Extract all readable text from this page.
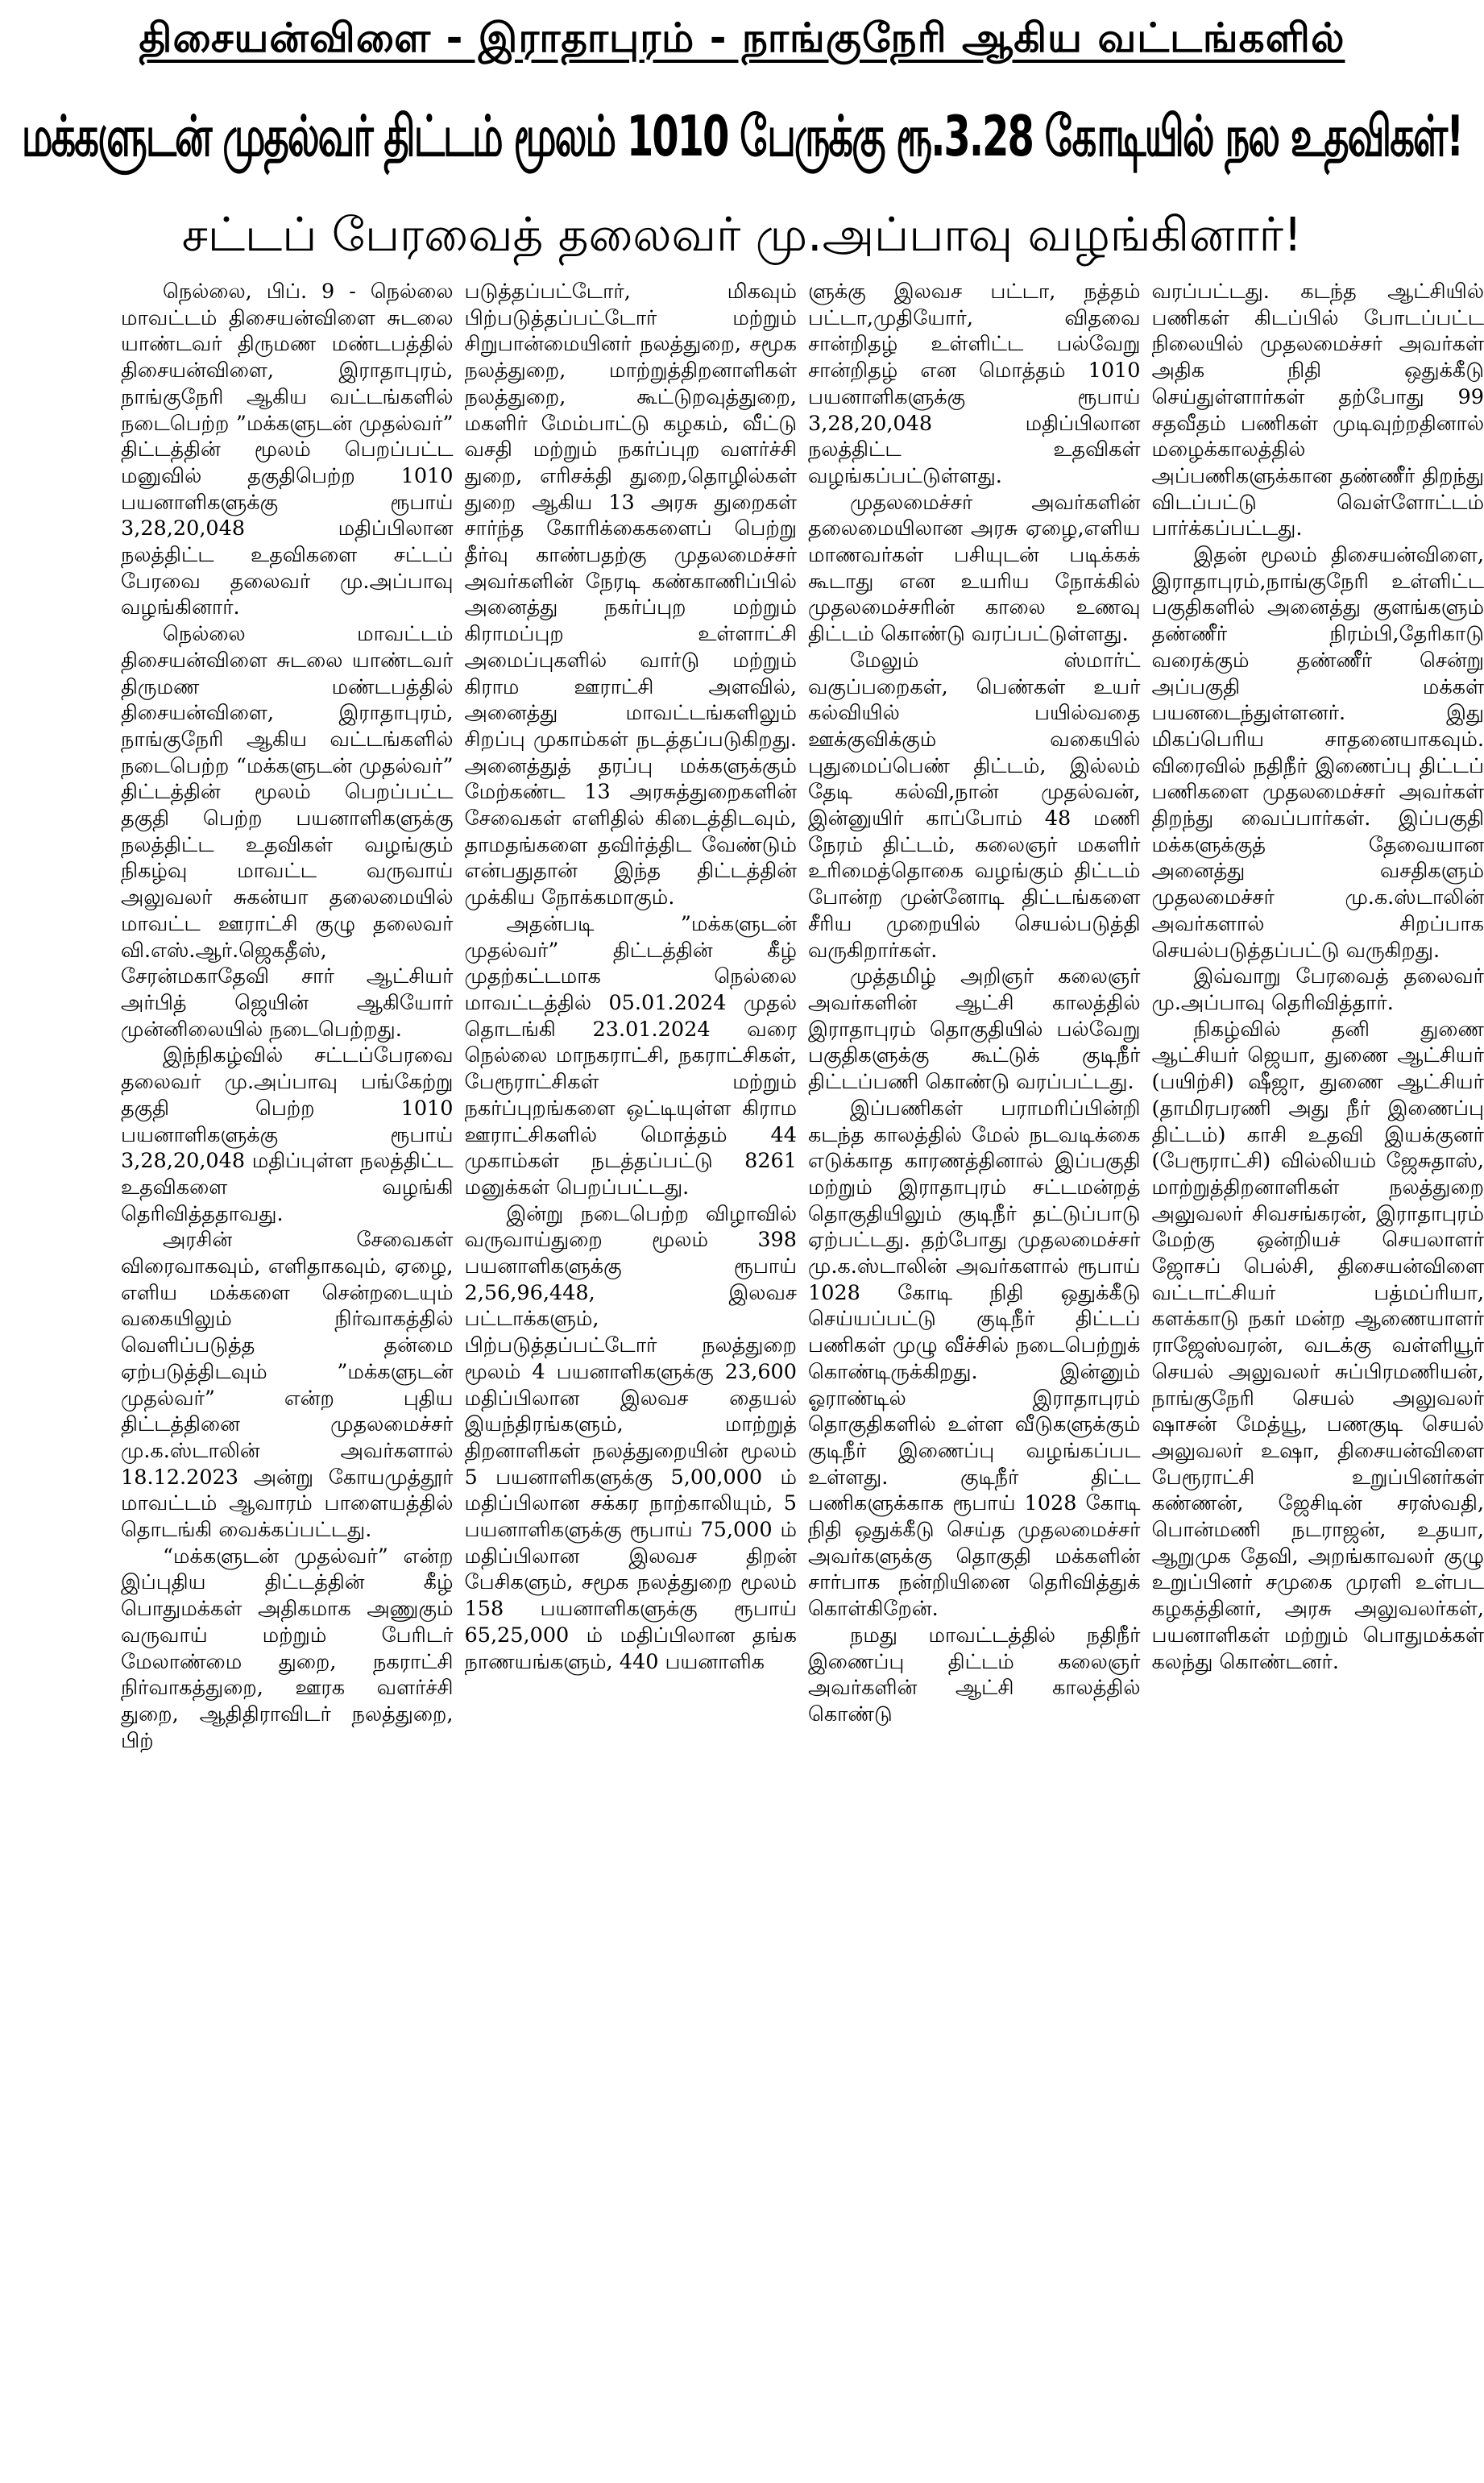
திசையன்விளை - இராதாபுரம் - நாங்குநேரி ஆகிய வட்டங்களில்
மக்களுடன் முதல்வர் திட்டம் மூலம் 1010 பேருக்கு ரூ.3.28 கோடியில் நல உதவிகள்!
சட்டப் பேரவைத் தலைவர் மு.அப்பாவு வழங்கினார்!

நெல்லை, பிப். 9 - நெல்லை மாவட்டம் திசையன்விளை சுடலை யாண்டவர் திருமண மண்டபத்தில் திசையன்விளை, இராதாபுரம், நாங்குநேரி ஆகிய வட்டங்களில் நடைபெற்ற ”மக்களுடன் முதல்வர்” திட்டத்தின் மூலம் பெறப்பட்ட மனுவில் தகுதிபெற்ற 1010 பயனாளிகளுக்கு ரூபாய் 3,28,20,048 மதிப்பிலான நலத்திட்ட உதவிகளை சட்டப் பேரவை தலைவர் மு.அப்பாவு வழங்கினார்.

நெல்லை மாவட்டம் திசையன்விளை சுடலை யாண்டவர் திருமண மண்டபத்தில் திசையன்விளை, இராதாபுரம், நாங்குநேரி ஆகிய வட்டங்களில் நடைபெற்ற “மக்களுடன் முதல்வர்” திட்டத்தின் மூலம் பெறப்பட்ட தகுதி பெற்ற பயனாளிகளுக்கு நலத்திட்ட உதவிகள் வழங்கும் நிகழ்வு மாவட்ட வருவாய் அலுவலர் சுகன்யா தலைமையில் மாவட்ட ஊராட்சி குழு தலைவர் வி.எஸ்.ஆர்.ஜெகதீஸ், சேரன்மகாதேவி சார் ஆட்சியர் அர்பித் ஜெயின் ஆகியோர் முன்னிலையில் நடைபெற்றது.

இந்நிகழ்வில் சட்டப்பேரவை தலைவர் மு.அப்பாவு பங்கேற்று தகுதி பெற்ற 1010 பயனாளிகளுக்கு ரூபாய் 3,28,20,048 மதிப்புள்ள நலத்திட்ட உதவிகளை வழங்கி தெரிவித்ததாவது.

அரசின் சேவைகள் விரைவாகவும், எளிதாகவும், ஏழை, எளிய மக்களை சென்றடையும் வகையிலும் நிர்வாகத்தில் வெளிப்படுத்த தன்மை ஏற்படுத்திடவும் ”மக்களுடன் முதல்வர்” என்ற புதிய திட்டத்தினை முதலமைச்சர் மு.க.ஸ்டாலின் அவர்களால் 18.12.2023 அன்று கோயமுத்தூர் மாவட்டம் ஆவாரம் பாளையத்தில் தொடங்கி வைக்கப்பட்டது.

“மக்களுடன் முதல்வர்” என்ற இப்புதிய திட்டத்தின் கீழ் பொதுமக்கள் அதிகமாக அணுகும் வருவாய் மற்றும் பேரிடர் மேலாண்மை துறை, நகராட்சி நிர்வாகத்துறை, ஊரக வளர்ச்சி துறை, ஆதிதிராவிடர் நலத்துறை, பிற்

படுத்தப்பட்டோர், மிகவும் பிற்படுத்தப்பட்டோர் மற்றும் சிறுபான்மையினர் நலத்துறை, சமூக நலத்துறை, மாற்றுத்திறனாளிகள் நலத்துறை, கூட்டுறவுத்துறை, மகளிர் மேம்பாட்டு கழகம், வீட்டு வசதி மற்றும் நகர்ப்புற வளர்ச்சி துறை, எரிசக்தி துறை,தொழில்கள் துறை ஆகிய 13 அரசு துறைகள் சார்ந்த கோரிக்கைகளைப் பெற்று தீர்வு காண்பதற்கு முதலமைச்சர் அவர்களின் நேரடி கண்காணிப்பில் அனைத்து நகர்ப்புற மற்றும் கிராமப்புற உள்ளாட்சி அமைப்புகளில் வார்டு மற்றும் கிராம ஊராட்சி அளவில், அனைத்து மாவட்டங்களிலும் சிறப்பு முகாம்கள் நடத்தப்படுகிறது. அனைத்துத் தரப்பு மக்களுக்கும் மேற்கண்ட 13 அரசுத்துறைகளின் சேவைகள் எளிதில் கிடைத்திடவும், தாமதங்களை தவிர்த்திட வேண்டும் என்பதுதான் இந்த திட்டத்தின் முக்கிய நோக்கமாகும்.

அதன்படி ”மக்களுடன் முதல்வர்” திட்டத்தின் கீழ் முதற்கட்டமாக நெல்லை மாவட்டத்தில் 05.01.2024 முதல் தொடங்கி 23.01.2024 வரை நெல்லை மாநகராட்சி, நகராட்சிகள், பேரூராட்சிகள் மற்றும் நகர்ப்புறங்களை ஒட்டியுள்ள கிராம ஊராட்சிகளில் மொத்தம் 44 முகாம்கள் நடத்தப்பட்டு 8261 மனுக்கள் பெறப்பட்டது.

இன்று நடைபெற்ற விழாவில் வருவாய்துறை மூலம் 398 பயனாளிகளுக்கு ரூபாய் 2,56,96,448, இலவச பட்டாக்களும், பிற்படுத்தப்பட்டோர் நலத்துறை மூலம் 4 பயனாளிகளுக்கு 23,600 மதிப்பிலான இலவச தையல் இயந்திரங்களும், மாற்றுத் திறனாளிகள் நலத்துறையின் மூலம் 5 பயனாளிகளுக்கு 5,00,000 ம் மதிப்பிலான சக்கர நாற்காலியும், 5 பயனாளிகளுக்கு ரூபாய் 75,000 ம் மதிப்பிலான இலவச திறன் பேசிகளும், சமூக நலத்துறை மூலம் 158 பயனாளிகளுக்கு ரூபாய் 65,25,000 ம் மதிப்பிலான தங்க நாணயங்களும், 440 பயனாளிக

ளுக்கு இலவச பட்டா, நத்தம் பட்டா,முதியோர், விதவை சான்றிதழ் உள்ளிட்ட பல்வேறு சான்றிதழ் என மொத்தம் 1010 பயனாளிகளுக்கு ரூபாய் 3,28,20,048 மதிப்பிலான நலத்திட்ட உதவிகள் வழங்கப்பட்டுள்ளது.

முதலமைச்சர் அவர்களின் தலைமையிலான அரசு ஏழை,எளிய மாணவர்கள் பசியுடன் படிக்கக் கூடாது என உயரிய நோக்கில் முதலமைச்சரின் காலை உணவு திட்டம் கொண்டு வரப்பட்டுள்ளது.

மேலும் ஸ்மார்ட் வகுப்பறைகள், பெண்கள் உயர் கல்வியில் பயில்வதை ஊக்குவிக்கும் வகையில் புதுமைப்பெண் திட்டம், இல்லம் தேடி கல்வி,நான் முதல்வன், இன்னுயிர் காப்போம் 48 மணி நேரம் திட்டம், கலைஞர் மகளிர் உரிமைத்தொகை வழங்கும் திட்டம் போன்ற முன்னோடி திட்டங்களை சீரிய முறையில் செயல்படுத்தி வருகிறார்கள்.

முத்தமிழ் அறிஞர் கலைஞர் அவர்களின் ஆட்சி காலத்தில் இராதாபுரம் தொகுதியில் பல்வேறு பகுதிகளுக்கு கூட்டுக் குடிநீர் திட்டப்பணி கொண்டு வரப்பட்டது.

இப்பணிகள் பராமரிப்பின்றி கடந்த காலத்தில் மேல் நடவடிக்கை எடுக்காத காரணத்தினால் இப்பகுதி மற்றும் இராதாபுரம் சட்டமன்றத் தொகுதியிலும் குடிநீர் தட்டுப்பாடு ஏற்பட்டது. தற்போது முதலமைச்சர் மு.க.ஸ்டாலின் அவர்களால் ரூபாய் 1028 கோடி நிதி ஒதுக்கீடு செய்யப்பட்டு குடிநீர் திட்டப் பணிகள் முழு வீச்சில் நடைபெற்றுக் கொண்டிருக்கிறது. இன்னும் ஓராண்டில் இராதாபுரம் தொகுதிகளில் உள்ள வீடுகளுக்கும் குடிநீர் இணைப்பு வழங்கப்பட உள்ளது. குடிநீர் திட்ட பணிகளுக்காக ரூபாய் 1028 கோடி நிதி ஒதுக்கீடு செய்த முதலமைச்சர் அவர்களுக்கு தொகுதி மக்களின் சார்பாக நன்றியினை தெரிவித்துக் கொள்கிறேன்.

நமது மாவட்டத்தில் நதிநீர் இணைப்பு திட்டம் கலைஞர் அவர்களின் ஆட்சி காலத்தில் கொண்டு

வரப்பட்டது. கடந்த ஆட்சியில் பணிகள் கிடப்பில் போடப்பட்ட நிலையில் முதலமைச்சர் அவர்கள் அதிக நிதி ஒதுக்கீடு செய்துள்ளார்கள் தற்போது 99 சதவீதம் பணிகள் முடிவுற்றதினால் மழைக்காலத்தில் அப்பணிகளுக்கான தண்ணீர் திறந்து விடப்பட்டு வெள்ளோட்டம் பார்க்கப்பட்டது.

இதன் மூலம் திசையன்விளை, இராதாபுரம்,நாங்குநேரி உள்ளிட்ட பகுதிகளில் அனைத்து குளங்களும் தண்ணீர் நிரம்பி,தேரிகாடு வரைக்கும் தண்ணீர் சென்று அப்பகுதி மக்கள் பயனடைந்துள்ளனர். இது மிகப்பெரிய சாதனையாகவும். விரைவில் நதிநீர் இணைப்பு திட்டப் பணிகளை முதலமைச்சர் அவர்கள் திறந்து வைப்பார்கள். இப்பகுதி மக்களுக்குத் தேவையான அனைத்து வசதிகளும் முதலமைச்சர் மு.க.ஸ்டாலின் அவர்களால் சிறப்பாக செயல்படுத்தப்பட்டு வருகிறது.

இவ்வாறு பேரவைத் தலைவர் மு.அப்பாவு தெரிவித்தார்.

நிகழ்வில் தனி துணை ஆட்சியர் ஜெயா, துணை ஆட்சியர் (பயிற்சி) ஷீஜா, துணை ஆட்சியர் (தாமிரபரணி அது நீர் இணைப்பு திட்டம்) காசி உதவி இயக்குனர் (பேரூராட்சி) வில்லியம் ஜேசுதாஸ், மாற்றுத்திறனாளிகள் நலத்துறை அலுவலர் சிவசங்கரன், இராதாபுரம் மேற்கு ஒன்றியச் செயலாளர் ஜோசப் பெல்சி, திசையன்விளை வட்டாட்சியர் பத்மப்ரியா, களக்காடு நகர் மன்ற ஆணையாளர் ராஜேஸ்வரன், வடக்கு வள்ளியூர் செயல் அலுவலர் சுப்பிரமணியன், நாங்குநேரி செயல் அலுவலர் ஷாசன் மேத்யூ, பணகுடி செயல் அலுவலர் உஷா, திசையன்விளை பேரூராட்சி உறுப்பினர்கள் கண்ணன், ஜேசிடின் சரஸ்வதி, பொன்மணி நடராஜன், உதயா, ஆறுமுக தேவி, அறங்காவலர் குழு உறுப்பினர் சமுகை முரளி உள்பட கழகத்தினர், அரசு அலுவலர்கள், பயனாளிகள் மற்றும் பொதுமக்கள் கலந்து கொண்டனர்.
